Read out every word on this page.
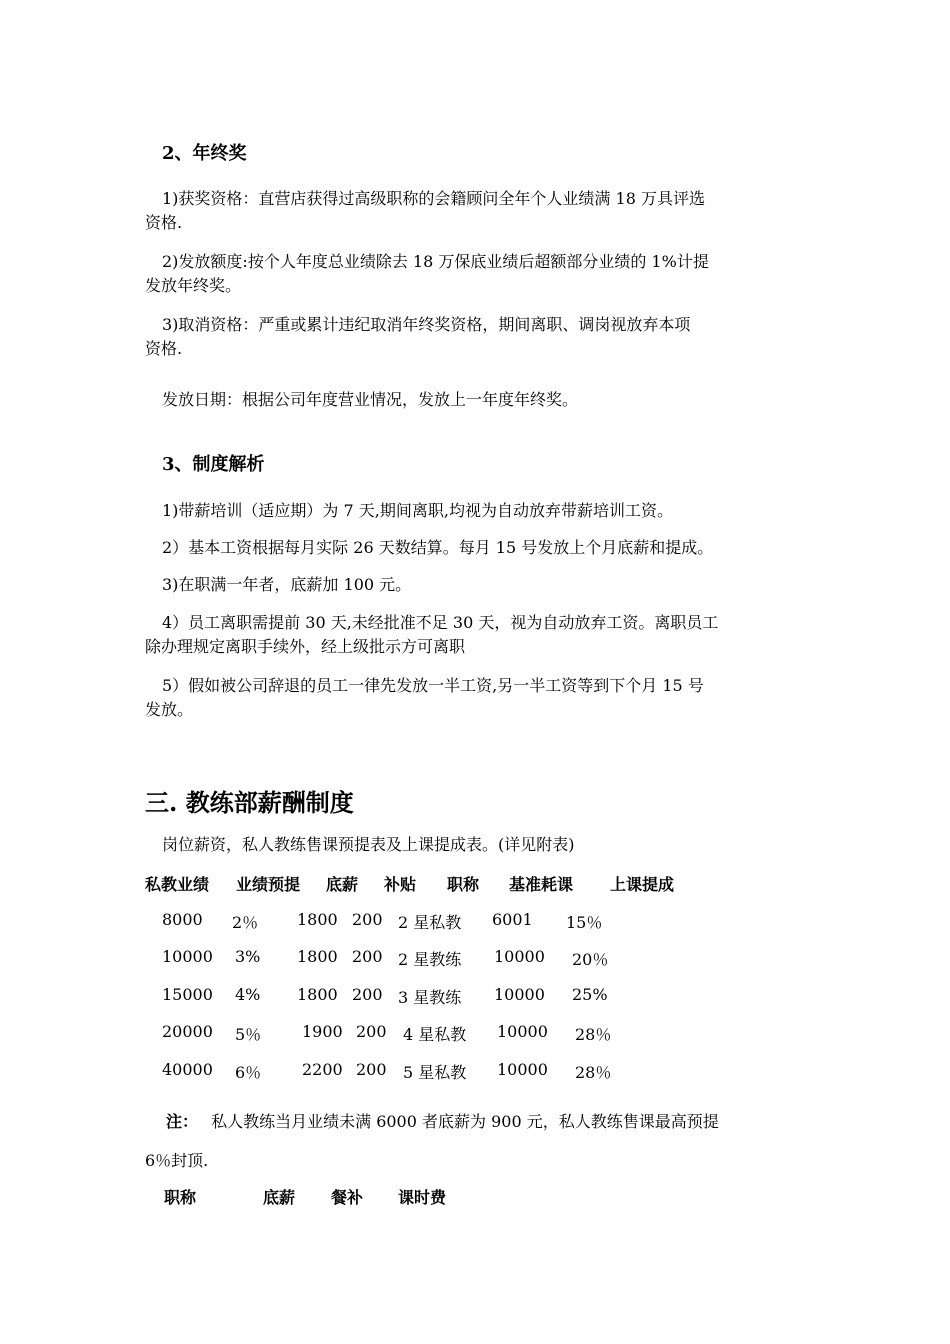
2、年终奖
1)获奖资格：直营店获得过高级职称的会籍顾问全年个人业绩满 18 万具评选
资格.
2)发放额度:按个人年度总业绩除去 18 万保底业绩后超额部分业绩的 1%计提
发放年终奖。
3)取消资格：严重或累计违纪取消年终奖资格，期间离职、调岗视放弃本项
资格.
发放日期：根据公司年度营业情况，发放上一年度年终奖。
3、制度解析
1)带薪培训（适应期）为 7 天,期间离职,均视为自动放弃带薪培训工资。
2）基本工资根据每月实际 26 天数结算。每月 15 号发放上个月底薪和提成。
3)在职满一年者，底薪加 100 元。
4）员工离职需提前 30 天,未经批准不足 30 天，视为自动放弃工资。离职员工
除办理规定离职手续外，经上级批示方可离职
5）假如被公司辞退的员工一律先发放一半工资,另一半工资等到下个月 15 号
发放。
三. 教练部薪酬制度
岗位薪资，私人教练售课预提表及上课提成表。(详见附表)
私教业绩 业绩预提 底薪 补贴 职称 基准耗课 上课提成
8000 2％ 1800 200 2 星私教 6001 15％
10000 3% 1800 200 2 星教练 10000 20％
15000 4% 1800 200 3 星教练 10000 25%
20000 5％	1900 200 4 星私教 10000 28％
40000 6％	2200 200 5 星私教 10000 28％
注： 私人教练当月业绩未满 6000 者底薪为 900 元，私人教练售课最高预提
6％封顶.
职称	底薪 餐补 课时费
